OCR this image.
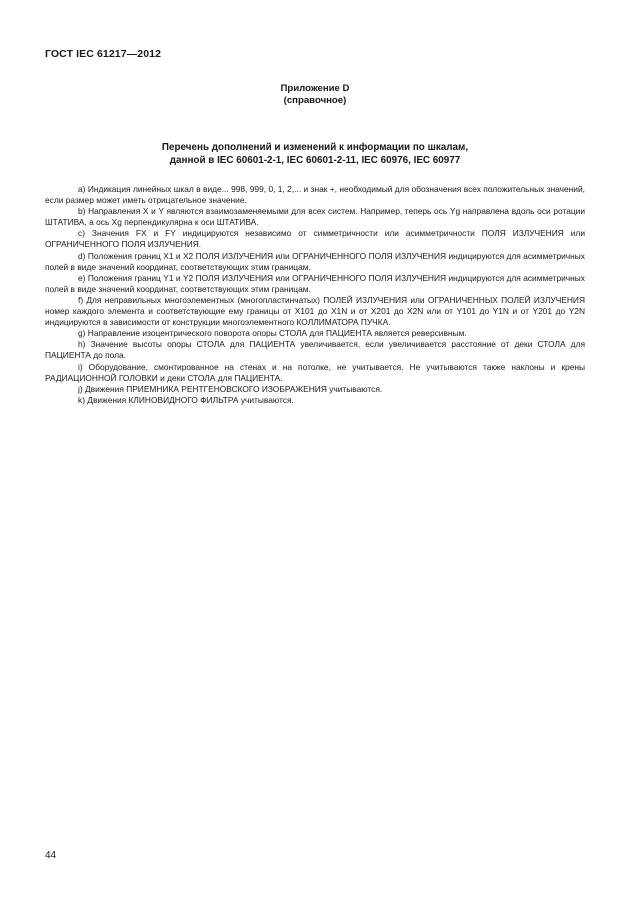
ГОСТ IEC 61217—2012
Приложение D
(справочное)
Перечень дополнений и изменений к информации по шкалам,
данной в IEC 60601-2-1, IEC 60601-2-11, IEC 60976, IEC 60977

a) Индикация линейных шкал в виде... 998, 999, 0, 1, 2,... и знак +, необходимый для обозначения всех положительных значений, если размер может иметь отрицательное значение.

b) Направления X и Y являются взаимозаменяемыми для всех систем. Например, теперь ось Yg направлена вдоль оси ротации ШТАТИВА, а ось Xg перпендикулярна к оси ШТАТИВА.

c) Значения FX и FY индицируются независимо от симметричности или асимметричности ПОЛЯ ИЗЛУЧЕНИЯ или ОГРАНИЧЕННОГО ПОЛЯ ИЗЛУЧЕНИЯ.

d) Положения границ X1 и X2 ПОЛЯ ИЗЛУЧЕНИЯ или ОГРАНИЧЕННОГО ПОЛЯ ИЗЛУЧЕНИЯ индицируются для асимметричных полей в виде значений координат, соответствующих этим границам.

e) Положения границ Y1 и Y2 ПОЛЯ ИЗЛУЧЕНИЯ или ОГРАНИЧЕННОГО ПОЛЯ ИЗЛУЧЕНИЯ индицируются для асимметричных полей в виде значений координат, соответствующих этим границам.

f) Для неправильных многоэлементных (многопластинчатых) ПОЛЕЙ ИЗЛУЧЕНИЯ или ОГРАНИЧЕННЫХ ПОЛЕЙ ИЗЛУЧЕНИЯ номер каждого элемента и соответствующие ему границы от X101 до X1N и от X201 до X2N или от Y101 до Y1N и от Y201 до Y2N индицируются в зависимости от конструкции многоэлементного КОЛЛИМАТОРА ПУЧКА.

g) Направление изоцентрического поворота опоры СТОЛА для ПАЦИЕНТА является реверсивным.

h) Значение высоты опоры СТОЛА для ПАЦИЕНТА увеличивается, если увеличивается расстояние от деки СТОЛА для ПАЦИЕНТА до пола.

i) Оборудование, смонтированное на стенах и на потолке, не учитывается. Не учитываются также наклоны и крены РАДИАЦИОННОЙ ГОЛОВКИ и деки СТОЛА для ПАЦИЕНТА.

j) Движения ПРИЕМНИКА РЕНТГЕНОВСКОГО ИЗОБРАЖЕНИЯ учитываются.

k) Движения КЛИНОВИДНОГО ФИЛЬТРА учитываются.

44
